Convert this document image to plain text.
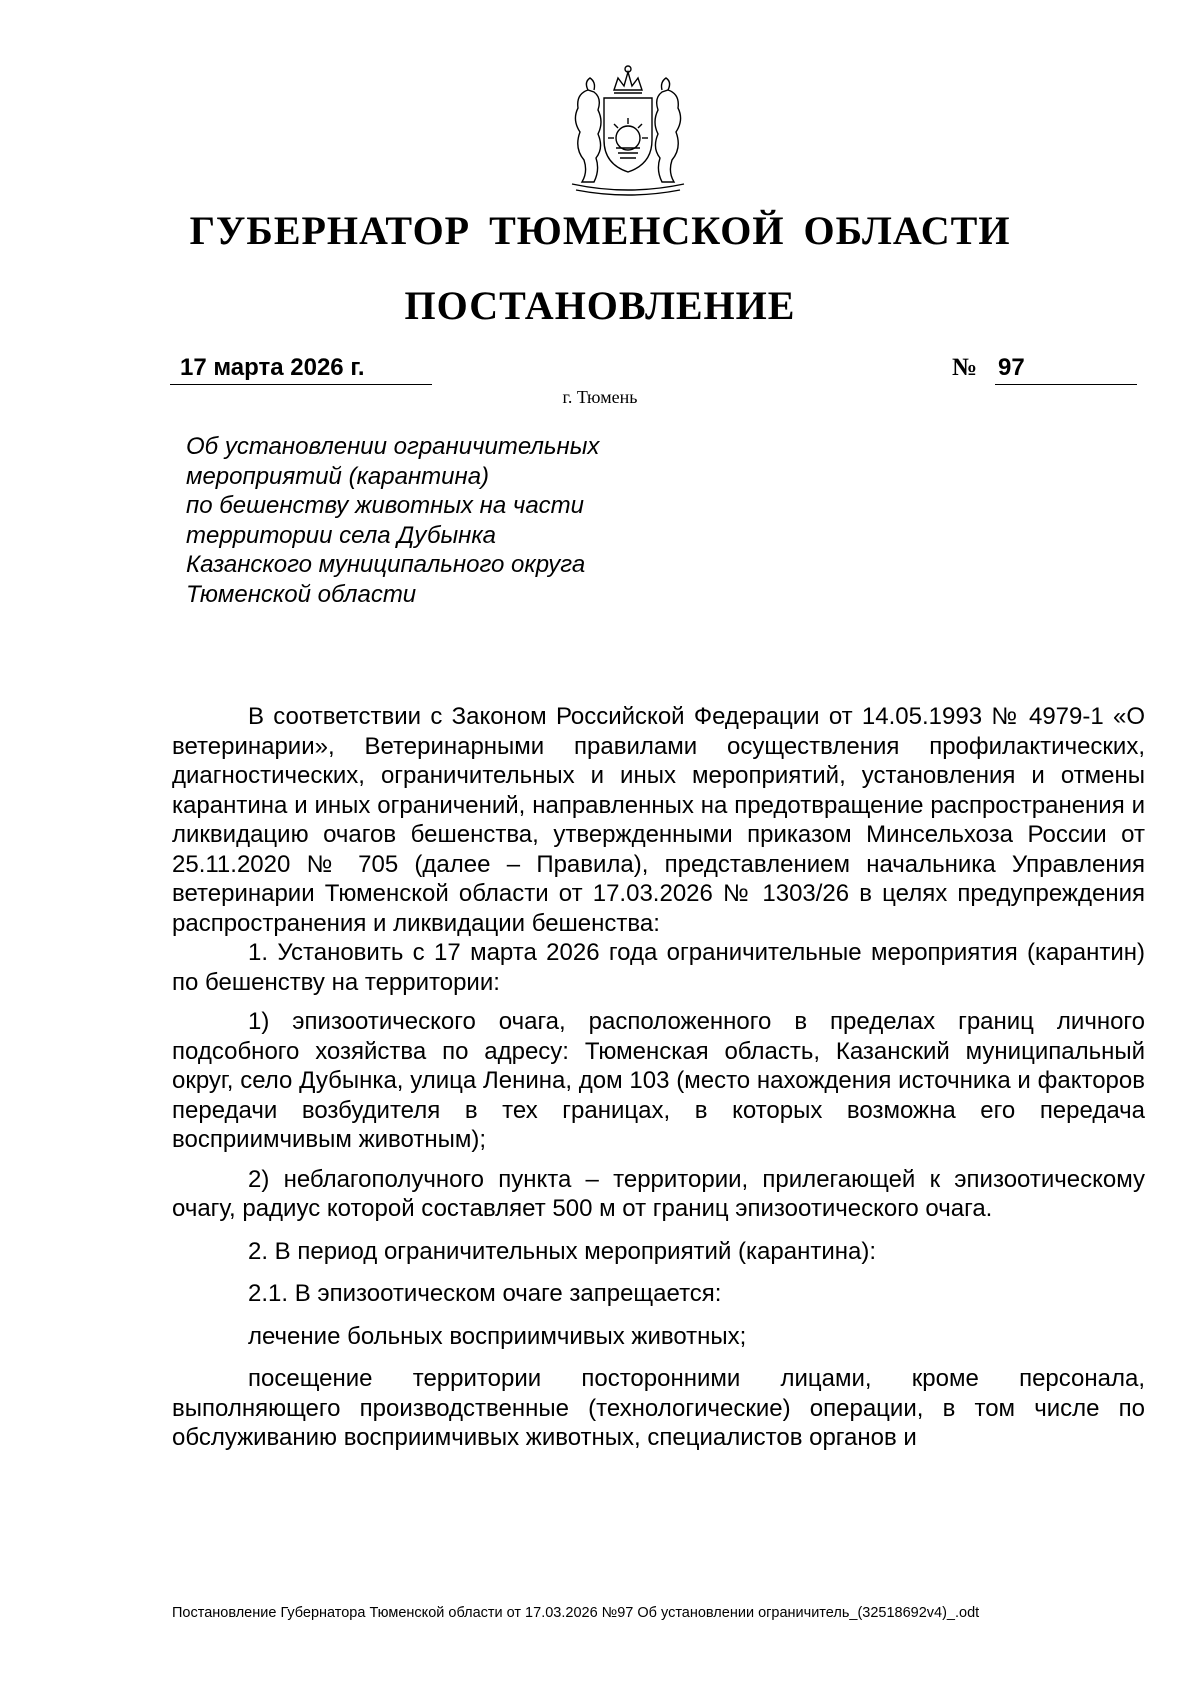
ГУБЕРНАТОР ТЮМЕНСКОЙ ОБЛАСТИ
ПОСТАНОВЛЕНИЕ
17 марта 2026 г.	№ 97
г. Тюмень
Об установлении ограничительных
мероприятий (карантина)
по бешенству животных на части
территории села Дубынка
Казанского муниципального округа
Тюменской области

В соответствии с Законом Российской Федерации от 14.05.1993 № 4979-1 «О ветеринарии», Ветеринарными правилами осуществления профилактических, диагностических, ограничительных и иных мероприятий, установления и отмены карантина и иных ограничений, направленных на предотвращение распространения и ликвидацию очагов бешенства, утвержденными приказом Минсельхоза России от 25.11.2020 № 705 (далее – Правила), представлением начальника Управления ветеринарии Тюменской области от 17.03.2026 № 1303/26 в целях предупреждения распространения и ликвидации бешенства:

1. Установить с 17 марта 2026 года ограничительные мероприятия (карантин) по бешенству на территории:

1) эпизоотического очага, расположенного в пределах границ личного подсобного хозяйства по адресу: Тюменская область, Казанский муниципальный округ, село Дубынка, улица Ленина, дом 103 (место нахождения источника и факторов передачи возбудителя в тех границах, в которых возможна его передача восприимчивым животным);

2) неблагополучного пункта – территории, прилегающей к эпизоотическому очагу, радиус которой составляет 500 м от границ эпизоотического очага.

2. В период ограничительных мероприятий (карантина):

2.1. В эпизоотическом очаге запрещается:

лечение больных восприимчивых животных;

посещение территории посторонними лицами, кроме персонала, выполняющего производственные (технологические) операции, в том числе по обслуживанию восприимчивых животных, специалистов органов и

Постановление Губернатора Тюменской области от 17.03.2026 №97 Об установлении ограничитель_(32518692v4)_.odt
